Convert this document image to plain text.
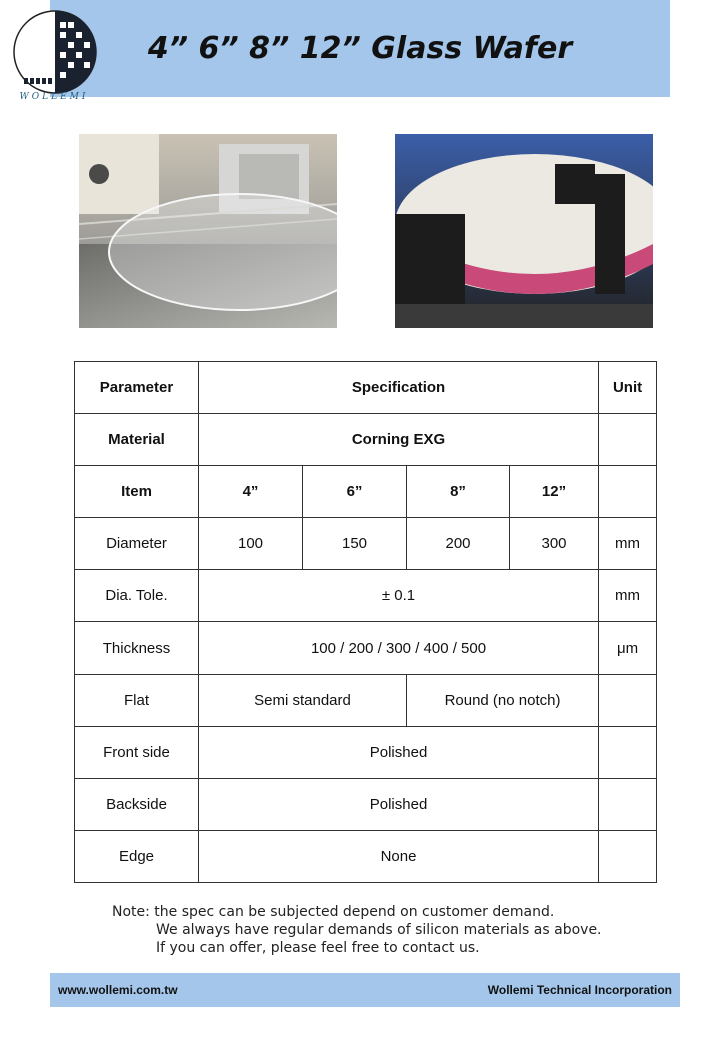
WOLLEMI
4” 6” 8” 12” Glass Wafer
Parameter	Specification				Unit
Material	Corning EXG				
Item	4”	6”	8”	12”	
Diameter	100	150	200	300	mm
Dia. Tole.	± 0.1				mm
Thickness	100 / 200 / 300 / 400 / 500				μm
Flat	Semi standard		Round (no notch)		
Front side	Polished				
Backside	Polished				
Edge	None				
Note: the spec can be subjected depend on customer demand.
We always have regular demands of silicon materials as above.
If you can offer, please feel free to contact us.
www.wollemi.com.tw	Wollemi Technical Incorporation
